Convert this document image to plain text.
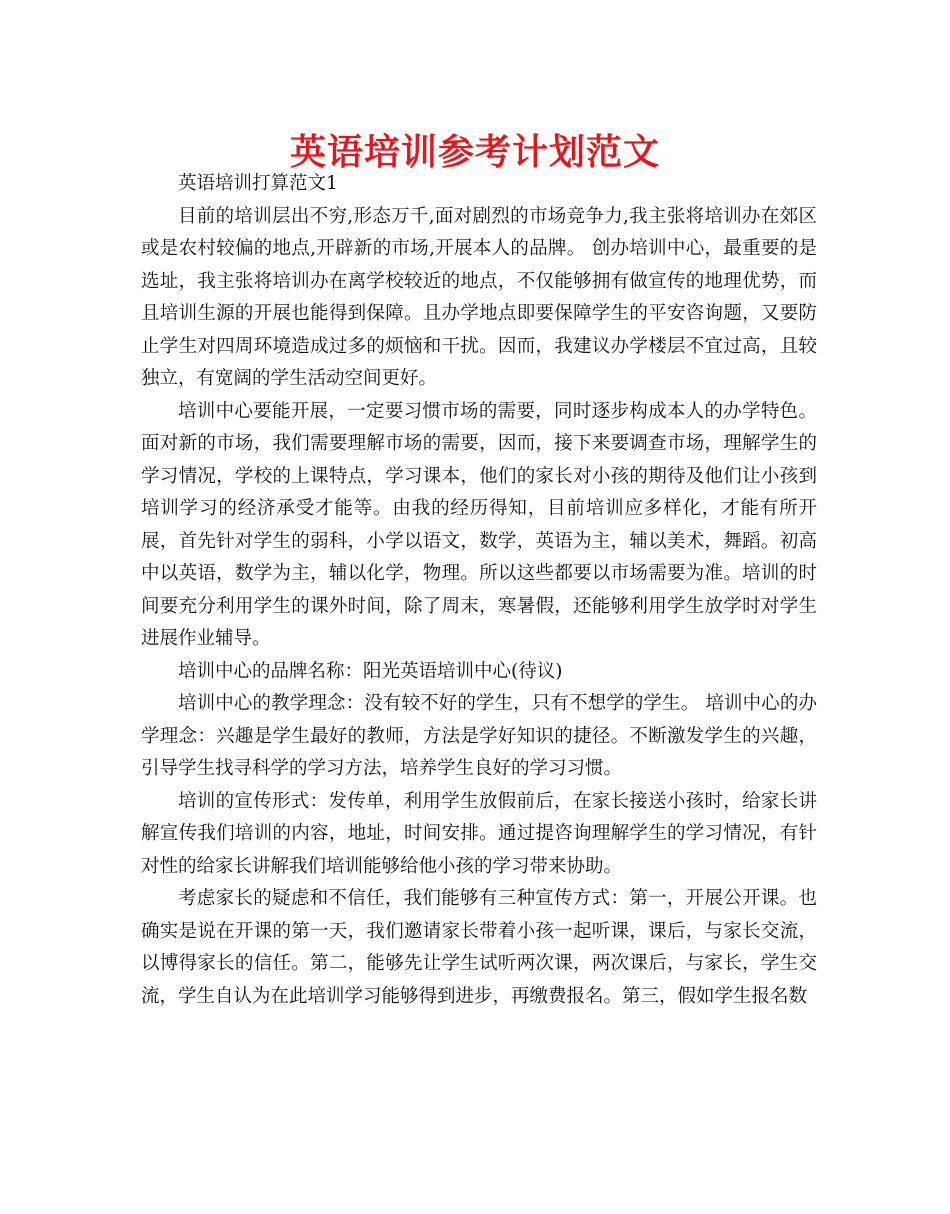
英语培训参考计划范文

英语培训打算范文1

目前的培训层出不穷,形态万千,面对剧烈的市场竞争力,我主张将培训办在郊区或是农村较偏的地点,开辟新的市场,开展本人的品牌。 创办培训中心，最重要的是选址，我主张将培训办在离学校较近的地点，不仅能够拥有做宣传的地理优势，而且培训生源的开展也能得到保障。且办学地点即要保障学生的平安咨询题，又要防止学生对四周环境造成过多的烦恼和干扰。因而，我建议办学楼层不宜过高，且较独立，有宽阔的学生活动空间更好。

培训中心要能开展，一定要习惯市场的需要，同时逐步构成本人的办学特色。面对新的市场，我们需要理解市场的需要，因而，接下来要调查市场，理解学生的学习情况，学校的上课特点，学习课本，他们的家长对小孩的期待及他们让小孩到培训学习的经济承受才能等。由我的经历得知，目前培训应多样化，才能有所开展，首先针对学生的弱科，小学以语文，数学，英语为主，辅以美术，舞蹈。初高中以英语，数学为主，辅以化学，物理。所以这些都要以市场需要为准。培训的时间要充分利用学生的课外时间，除了周末，寒暑假，还能够利用学生放学时对学生进展作业辅导。

培训中心的品牌名称：阳光英语培训中心(待议)

培训中心的教学理念：没有较不好的学生，只有不想学的学生。 培训中心的办学理念：兴趣是学生最好的教师，方法是学好知识的捷径。不断激发学生的兴趣，引导学生找寻科学的学习方法，培养学生良好的学习习惯。

培训的宣传形式：发传单，利用学生放假前后，在家长接送小孩时，给家长讲解宣传我们培训的内容，地址，时间安排。通过提咨询理解学生的学习情况，有针对性的给家长讲解我们培训能够给他小孩的学习带来协助。

考虑家长的疑虑和不信任，我们能够有三种宣传方式：第一，开展公开课。也确实是说在开课的第一天，我们邀请家长带着小孩一起听课，课后，与家长交流，以博得家长的信任。第二，能够先让学生试听两次课，两次课后，与家长，学生交流，学生自认为在此培训学习能够得到进步，再缴费报名。第三，假如学生报名数
